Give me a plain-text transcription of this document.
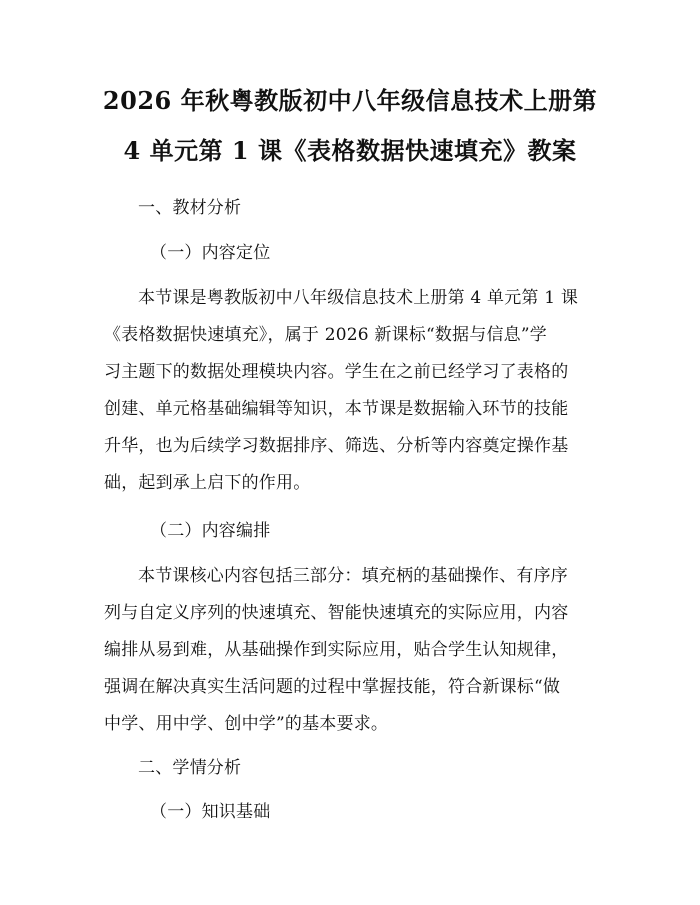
2026 年秋粤教版初中八年级信息技术上册第
4 单元第 1 课《表格数据快速填充》教案
一、教材分析
（一）内容定位
本节课是粤教版初中八年级信息技术上册第 4 单元第 1 课
《表格数据快速填充》，属于 2026 新课标“数据与信息”学
习主题下的数据处理模块内容。学生在之前已经学习了表格的
创建、单元格基础编辑等知识，本节课是数据输入环节的技能
升华，也为后续学习数据排序、筛选、分析等内容奠定操作基
础，起到承上启下的作用。
（二）内容编排
本节课核心内容包括三部分：填充柄的基础操作、有序序
列与自定义序列的快速填充、智能快速填充的实际应用，内容
编排从易到难，从基础操作到实际应用，贴合学生认知规律，
强调在解决真实生活问题的过程中掌握技能，符合新课标“做
中学、用中学、创中学”的基本要求。
二、学情分析
（一）知识基础
